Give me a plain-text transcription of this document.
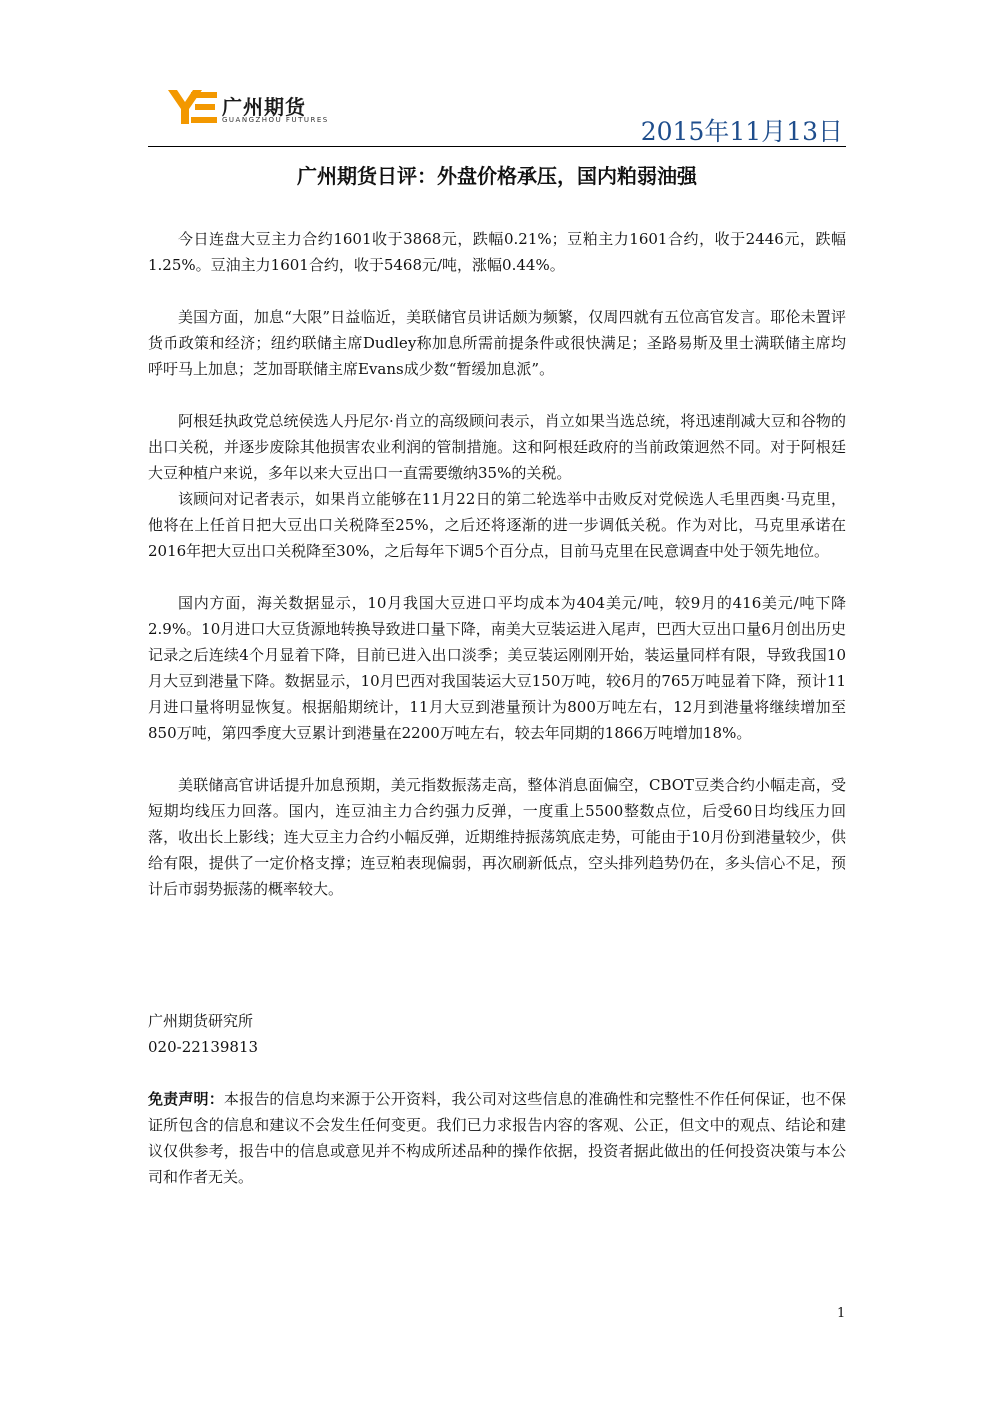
广州期货
GUANGZHOU FUTURES	2015年11月13日
广州期货日评：外盘价格承压，国内粕弱油强

今日连盘大豆主力合约1601收于3868元，跌幅0.21%；豆粕主力1601合约，收于2446元，跌幅1.25%。豆油主力1601合约，收于5468元/吨，涨幅0.44%。

美国方面，加息“大限”日益临近，美联储官员讲话颇为频繁，仅周四就有五位高官发言。耶伦未置评货币政策和经济；纽约联储主席Dudley称加息所需前提条件或很快满足；圣路易斯及里士满联储主席均呼吁马上加息；芝加哥联储主席Evans成少数“暂缓加息派”。

阿根廷执政党总统侯选人丹尼尔·肖立的高级顾问表示，肖立如果当选总统，将迅速削减大豆和谷物的出口关税，并逐步废除其他损害农业利润的管制措施。这和阿根廷政府的当前政策迥然不同。对于阿根廷大豆种植户来说，多年以来大豆出口一直需要缴纳35%的关税。

该顾问对记者表示，如果肖立能够在11月22日的第二轮选举中击败反对党候选人毛里西奥·马克里，他将在上任首日把大豆出口关税降至25%，之后还将逐渐的进一步调低关税。作为对比，马克里承诺在2016年把大豆出口关税降至30%，之后每年下调5个百分点，目前马克里在民意调查中处于领先地位。

国内方面，海关数据显示，10月我国大豆进口平均成本为404美元/吨，较9月的416美元/吨下降2.9%。10月进口大豆货源地转换导致进口量下降，南美大豆装运进入尾声，巴西大豆出口量6月创出历史记录之后连续4个月显着下降，目前已进入出口淡季；美豆装运刚刚开始，装运量同样有限，导致我国10月大豆到港量下降。数据显示，10月巴西对我国装运大豆150万吨，较6月的765万吨显着下降，预计11月进口量将明显恢复。根据船期统计，11月大豆到港量预计为800万吨左右，12月到港量将继续增加至850万吨，第四季度大豆累计到港量在2200万吨左右，较去年同期的1866万吨增加18%。

美联储高官讲话提升加息预期，美元指数振荡走高，整体消息面偏空，CBOT豆类合约小幅走高，受短期均线压力回落。国内，连豆油主力合约强力反弹，一度重上5500整数点位，后受60日均线压力回落，收出长上影线；连大豆主力合约小幅反弹，近期维持振荡筑底走势，可能由于10月份到港量较少，供给有限，提供了一定价格支撑；连豆粕表现偏弱，再次刷新低点，空头排列趋势仍在，多头信心不足，预计后市弱势振荡的概率较大。

广州期货研究所
020-22139813
免责声明：本报告的信息均来源于公开资料，我公司对这些信息的准确性和完整性不作任何保证，也不保证所包含的信息和建议不会发生任何变更。我们已力求报告内容的客观、公正，但文中的观点、结论和建议仅供参考，报告中的信息或意见并不构成所述品种的操作依据，投资者据此做出的任何投资决策与本公司和作者无关。
1
